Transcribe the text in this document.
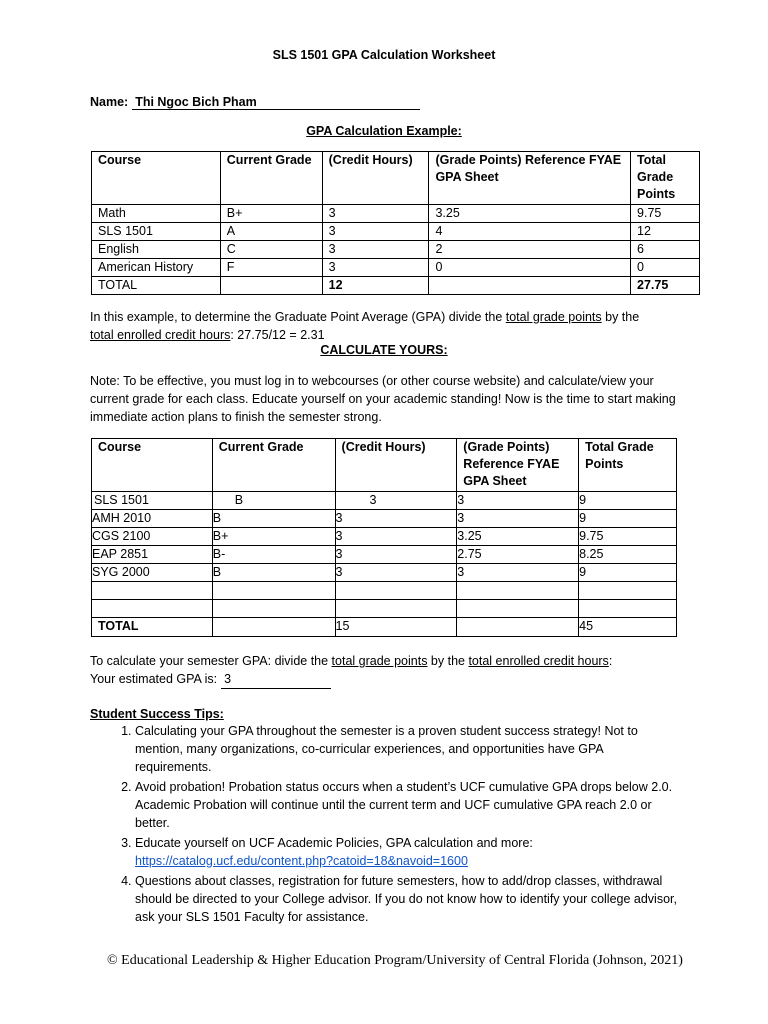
SLS 1501 GPA Calculation Worksheet
Name: Thi Ngoc Bich Pham
GPA Calculation Example:
Course	Current Grade	(Credit Hours)	(Grade Points) Reference FYAE GPA Sheet	Total Grade Points
Math	B+	3	3.25	9.75
SLS 1501	A	3	4	12
English	C	3	2	6
American History	F	3	0	0
TOTAL		12		27.75
In this example, to determine the Graduate Point Average (GPA) divide the total grade points by the
total enrolled credit hours: 27.75/12 = 2.31
CALCULATE YOURS:
Note: To be effective, you must log in to webcourses (or other course website) and calculate/view your current grade for each class. Educate yourself on your academic standing! Now is the time to start making immediate action plans to finish the semester strong.
Course	Current Grade	(Credit Hours)	(Grade Points) Reference FYAE GPA Sheet	Total Grade Points
SLS 1501	B	3	3	9
AMH 2010	B	3	3	9
CGS 2100	B+	3	3.25	9.75
EAP 2851	B-	3	2.75	8.25
SYG 2000	B	3	3	9

TOTAL		15		45
To calculate your semester GPA: divide the total grade points by the total enrolled credit hours:
Your estimated GPA is: 3
Student Success Tips:
1. Calculating your GPA throughout the semester is a proven student success strategy! Not to mention, many organizations, co-curricular experiences, and opportunities have GPA requirements.
2. Avoid probation! Probation status occurs when a student’s UCF cumulative GPA drops below 2.0. Academic Probation will continue until the current term and UCF cumulative GPA reach 2.0 or better.
3. Educate yourself on UCF Academic Policies, GPA calculation and more:
https://catalog.ucf.edu/content.php?catoid=18&navoid=1600
4. Questions about classes, registration for future semesters, how to add/drop classes, withdrawal should be directed to your College advisor. If you do not know how to identify your college advisor, ask your SLS 1501 Faculty for assistance.
© Educational Leadership & Higher Education Program/University of Central Florida (Johnson, 2021)
